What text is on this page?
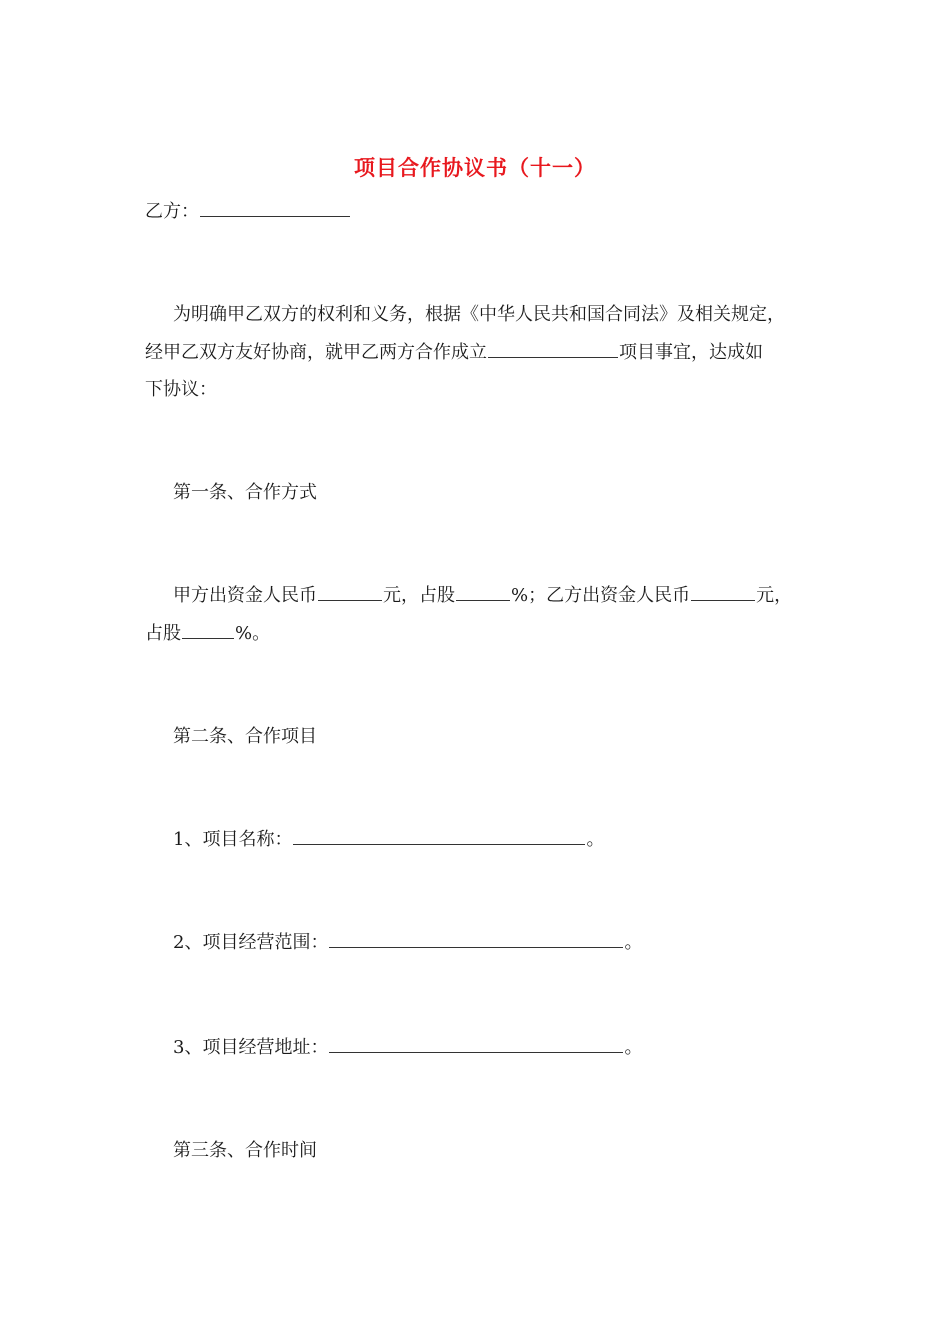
项目合作协议书（十一）
乙方：
为明确甲乙双方的权利和义务，根据《中华人民共和国合同法》及相关规定，
经甲乙双方友好协商，就甲乙两方合作成立	项目事宜，达成如
下协议：
第一条、合作方式
甲方出资金人民币	元，占股	%；乙方出资金人民币	元，
占股	%。
第二条、合作项目
1、项目名称：	。
2、项目经营范围：	。
3、项目经营地址：	。
第三条、合作时间
